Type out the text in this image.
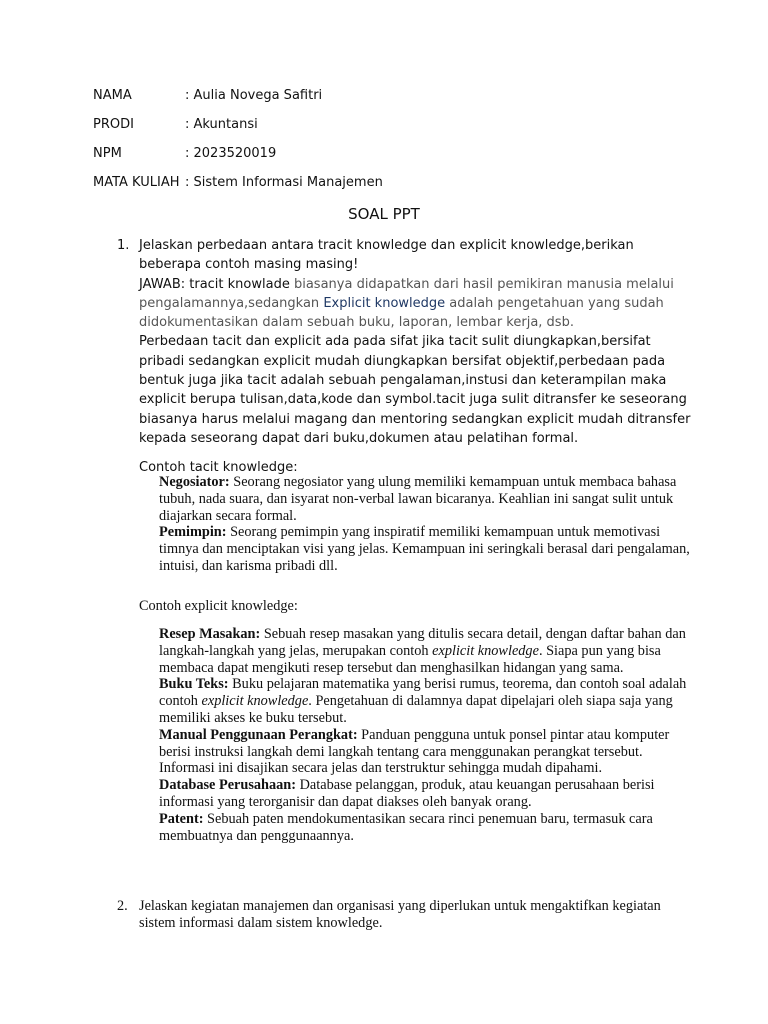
NAMA	: Aulia Novega Safitri
PRODI	: Akuntansi
NPM	: 2023520019
MATA KULIAH : Sistem Informasi Manajemen
SOAL PPT
1. Jelaskan perbedaan antara tracit knowledge dan explicit knowledge,berikan beberapa contoh masing masing!

JAWAB: tracit knowlade biasanya didapatkan dari hasil pemikiran manusia melalui pengalamannya,sedangkan Explicit knowledge adalah pengetahuan yang sudah didokumentasikan dalam sebuah buku, laporan, lembar kerja, dsb.

Perbedaan tacit dan explicit ada pada sifat jika tacit sulit diungkapkan,bersifat pribadi sedangkan explicit mudah diungkapkan bersifat objektif,perbedaan pada bentuk juga jika tacit adalah sebuah pengalaman,instusi dan keterampilan maka explicit berupa tulisan,data,kode dan symbol.tacit juga sulit ditransfer ke seseorang biasanya harus melalui magang dan mentoring sedangkan explicit mudah ditransfer kepada seseorang dapat dari buku,dokumen atau pelatihan formal.

Contoh tacit knowledge:

Negosiator: Seorang negosiator yang ulung memiliki kemampuan untuk membaca bahasa tubuh, nada suara, dan isyarat non-verbal lawan bicaranya. Keahlian ini sangat sulit untuk diajarkan secara formal.

Pemimpin: Seorang pemimpin yang inspiratif memiliki kemampuan untuk memotivasi timnya dan menciptakan visi yang jelas. Kemampuan ini seringkali berasal dari pengalaman, intuisi, dan karisma pribadi dll.

Contoh explicit knowledge:

Resep Masakan: Sebuah resep masakan yang ditulis secara detail, dengan daftar bahan dan langkah-langkah yang jelas, merupakan contoh explicit knowledge. Siapa pun yang bisa membaca dapat mengikuti resep tersebut dan menghasilkan hidangan yang sama.

Buku Teks: Buku pelajaran matematika yang berisi rumus, teorema, dan contoh soal adalah contoh explicit knowledge. Pengetahuan di dalamnya dapat dipelajari oleh siapa saja yang memiliki akses ke buku tersebut.

Manual Penggunaan Perangkat: Panduan pengguna untuk ponsel pintar atau komputer berisi instruksi langkah demi langkah tentang cara menggunakan perangkat tersebut. Informasi ini disajikan secara jelas dan terstruktur sehingga mudah dipahami.

Database Perusahaan: Database pelanggan, produk, atau keuangan perusahaan berisi informasi yang terorganisir dan dapat diakses oleh banyak orang.

Patent: Sebuah paten mendokumentasikan secara rinci penemuan baru, termasuk cara membuatnya dan penggunaannya.

2. Jelaskan kegiatan manajemen dan organisasi yang diperlukan untuk mengaktifkan kegiatan sistem informasi dalam sistem knowledge.
